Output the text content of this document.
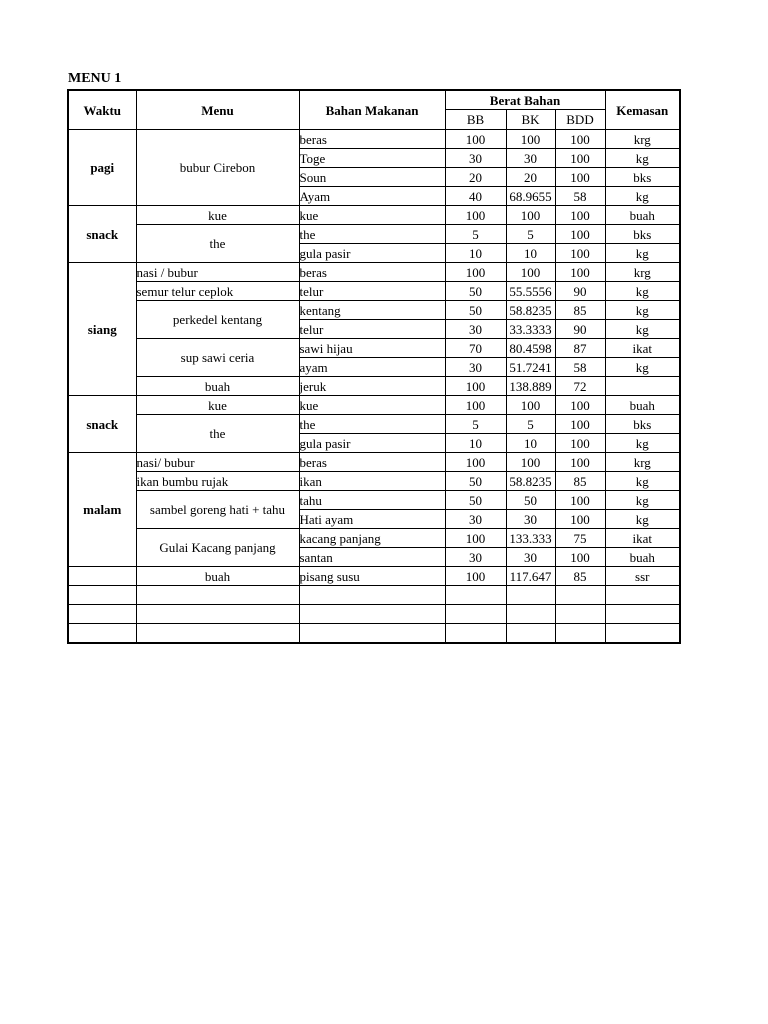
MENU 1
Waktu	Menu	Bahan Makanan	Berat Bahan			Kemasan
			BB	BK	BDD	
pagi	bubur Cirebon	beras	100	100	100	krg
		Toge	30	30	100	kg
		Soun	20	20	100	bks
		Ayam	40	68.9655	58	kg
snack	kue	kue	100	100	100	buah
	the	the	5	5	100	bks
		gula pasir	10	10	100	kg
siang	nasi / bubur	beras	100	100	100	krg
	semur telur ceplok	telur	50	55.5556	90	kg
	perkedel kentang	kentang	50	58.8235	85	kg
		telur	30	33.3333	90	kg
	sup sawi ceria	sawi hijau	70	80.4598	87	ikat
		ayam	30	51.7241	58	kg
	buah	jeruk	100	138.889	72	
snack	kue	kue	100	100	100	buah
	the	the	5	5	100	bks
		gula pasir	10	10	100	kg
malam	nasi/ bubur	beras	100	100	100	krg
	ikan bumbu rujak	ikan	50	58.8235	85	kg
	sambel goreng hati + tahu	tahu	50	50	100	kg
		Hati ayam	30	30	100	kg
	Gulai Kacang panjang	kacang panjang	100	133.333	75	ikat
		santan	30	30	100	buah
	buah	pisang susu	100	117.647	85	ssr
